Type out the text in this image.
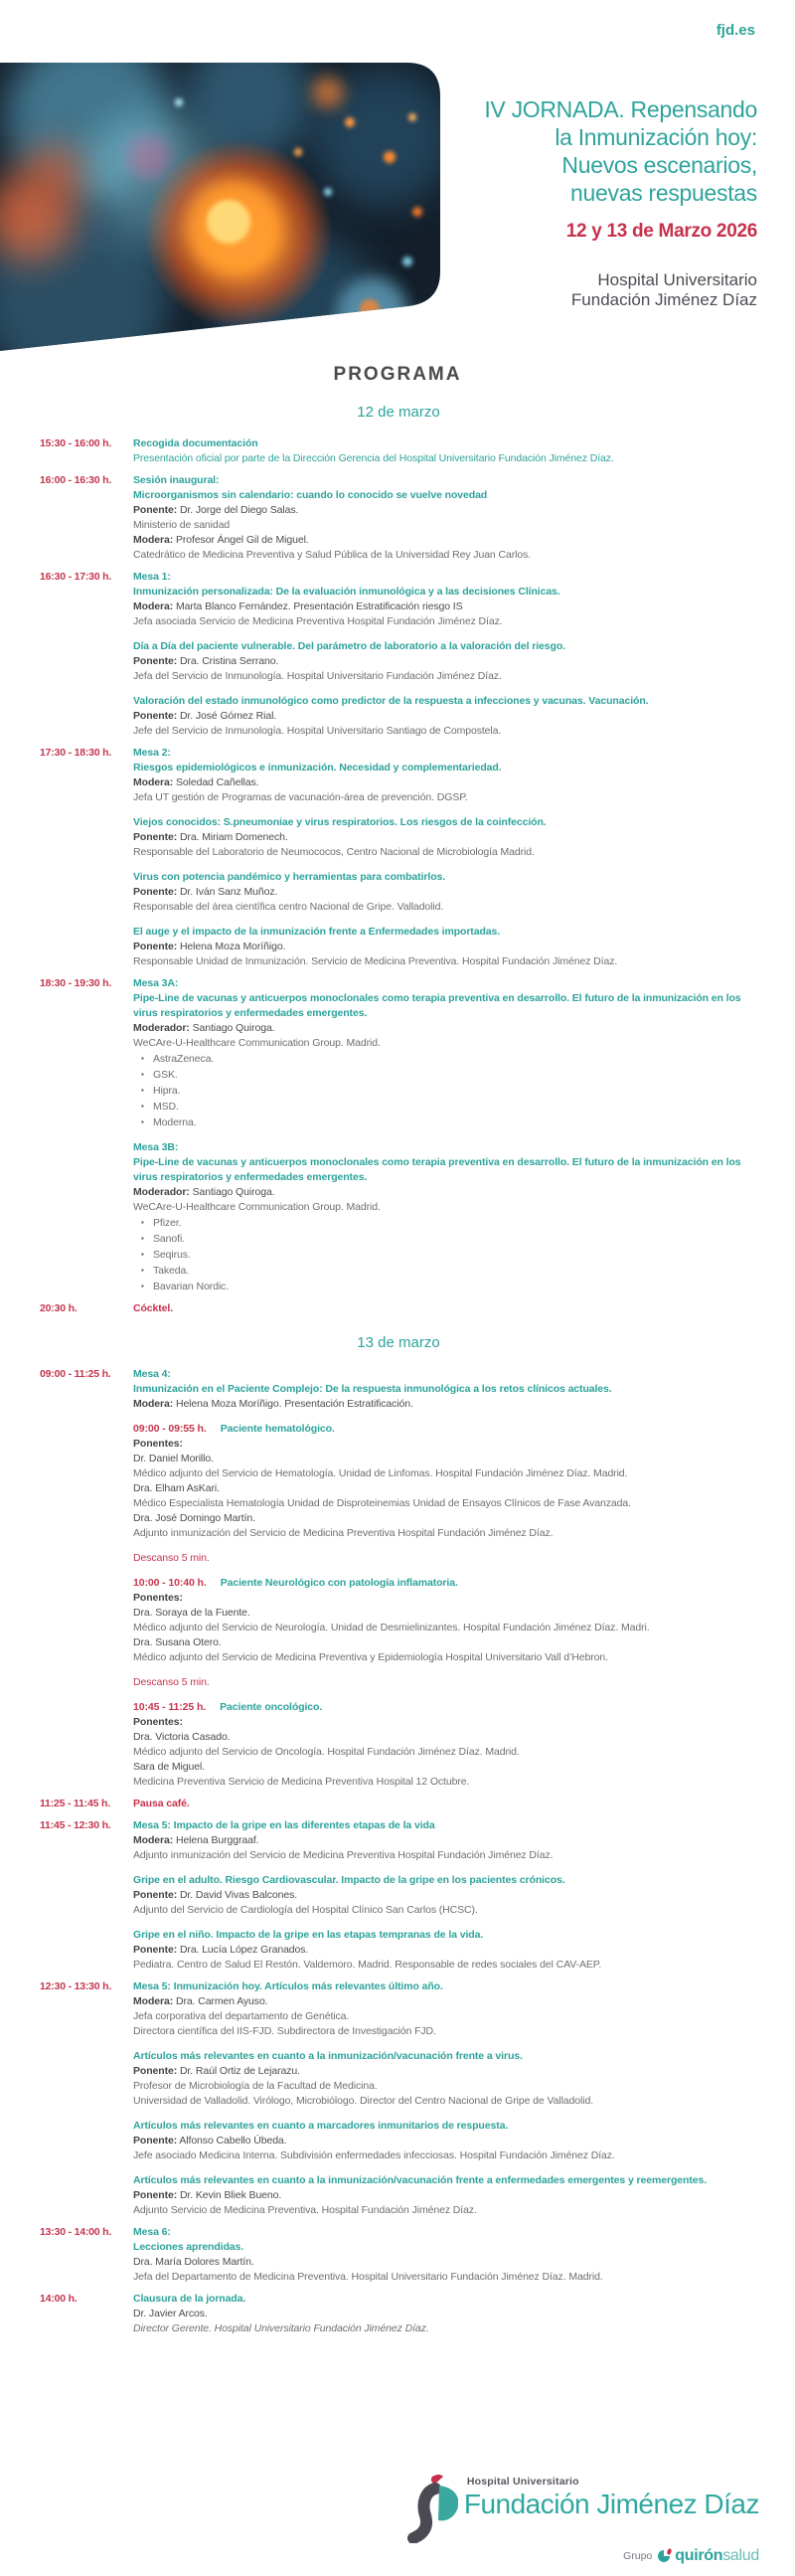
fjd.es
IV JORNADA. Repensando
la Inmunización hoy:
Nuevos escenarios,
nuevas respuestas
12 y 13 de Marzo 2026
Hospital Universitario
Fundación Jiménez Díaz
PROGRAMA
12 de marzo
15:30 - 16:00 h.	Recogida documentación
Presentación oficial por parte de la Dirección Gerencia del Hospital Universitario Fundación Jiménez Díaz.
16:00 - 16:30 h.	Sesión inaugural:
Microorganismos sin calendario: cuando lo conocido se vuelve novedad
Ponente: Dr. Jorge del Diego Salas.
Ministerio de sanidad
Modera: Profesor Ángel Gil de Miguel.
Catedrático de Medicina Preventiva y Salud Pública de la Universidad Rey Juan Carlos.
16:30 - 17:30 h.	Mesa 1:
Inmunización personalizada: De la evaluación inmunológica y a las decisiones Clínicas.
Modera: Marta Blanco Fernández. Presentación Estratificación riesgo IS
Jefa asociada Servicio de Medicina Preventiva Hospital Fundación Jiménez Díaz.
Día a Día del paciente vulnerable. Del parámetro de laboratorio a la valoración del riesgo.
Ponente: Dra. Cristina Serrano.
Jefa del Servicio de Inmunología. Hospital Universitario Fundación Jiménez Díaz.
Valoración del estado inmunológico como predictor de la respuesta a infecciones y vacunas. Vacunación.
Ponente: Dr. José Gómez Rial.
Jefe del Servicio de Inmunología. Hospital Universitario Santiago de Compostela.
17:30 - 18:30 h.	Mesa 2:
Riesgos epidemiológicos e inmunización. Necesidad y complementariedad.
Modera: Soledad Cañellas.
Jefa UT gestión de Programas de vacunación-área de prevención. DGSP.
Viejos conocidos: S.pneumoniae y virus respiratorios. Los riesgos de la coinfección.
Ponente: Dra. Miriam Domenech.
Responsable del Laboratorio de Neumococos, Centro Nacional de Microbiología Madrid.
Virus con potencia pandémico y herramientas para combatirlos.
Ponente: Dr. Iván Sanz Muñoz.
Responsable del área científica centro Nacional de Gripe. Valladolid.
El auge y el impacto de la inmunización frente a Enfermedades importadas.
Ponente: Helena Moza Moríñigo.
Responsable Unidad de Inmunización. Servicio de Medicina Preventiva. Hospital Fundación Jiménez Díaz.
18:30 - 19:30 h.	Mesa 3A:
Pipe-Line de vacunas y anticuerpos monoclonales como terapia preventiva en desarrollo. El futuro de la inmunización en los virus respiratorios y enfermedades emergentes.
Moderador: Santiago Quiroga.
WeCAre-U-Healthcare Communication Group. Madrid.
▪ AstraZeneca.
▪ GSK.
▪ Hipra.
▪ MSD.
▪ Moderna.
Mesa 3B:
Pipe-Line de vacunas y anticuerpos monoclonales como terapia preventiva en desarrollo. El futuro de la inmunización en los virus respiratorios y enfermedades emergentes.
Moderador: Santiago Quiroga.
WeCAre-U-Healthcare Communication Group. Madrid.
▪ Pfizer.
▪ Sanofi.
▪ Seqirus.
▪ Takeda.
▪ Bavarian Nordic.
20:30 h.	Cócktel.
13 de marzo
09:00 - 11:25 h.	Mesa 4:
Inmunización en el Paciente Complejo: De la respuesta inmunológica a los retos clínicos actuales.
Modera: Helena Moza Moríñigo. Presentación Estratificación.
09:00 - 09:55 h. Paciente hematológico.
Ponentes:
Dr. Daniel Morillo.
Médico adjunto del Servicio de Hematología. Unidad de Linfomas. Hospital Fundación Jiménez Díaz. Madrid.
Dra. Elham AsKari.
Médico Especialista Hematología Unidad de Disproteinemias Unidad de Ensayos Clínicos de Fase Avanzada.
Dra. José Domingo Martín.
Adjunto inmunización del Servicio de Medicina Preventiva Hospital Fundación Jiménez Díaz.
Descanso 5 min.
10:00 - 10:40 h. Paciente Neurológico con patología inflamatoria.
Ponentes:
Dra. Soraya de la Fuente.
Médico adjunto del Servicio de Neurología. Unidad de Desmielinizantes. Hospital Fundación Jiménez Díaz. Madri.
Dra. Susana Otero.
Médico adjunto del Servicio de Medicina Preventiva y Epidemiología Hospital Universitario Vall d’Hebron.
Descanso 5 min.
10:45 - 11:25 h. Paciente oncológico.
Ponentes:
Dra. Victoria Casado.
Médico adjunto del Servicio de Oncología. Hospital Fundación Jiménez Díaz. Madrid.
Sara de Miguel.
Medicina Preventiva Servicio de Medicina Preventiva Hospital 12 Octubre.
11:25 - 11:45 h.	Pausa café.
11:45 - 12:30 h.	Mesa 5: Impacto de la gripe en las diferentes etapas de la vida
Modera: Helena Burggraaf.
Adjunto inmunización del Servicio de Medicina Preventiva Hospital Fundación Jiménez Díaz.
Gripe en el adulto. Riesgo Cardiovascular. Impacto de la gripe en los pacientes crónicos.
Ponente: Dr. David Vivas Balcones.
Adjunto del Servicio de Cardiología del Hospital Clínico San Carlos (HCSC).
Gripe en el niño. Impacto de la gripe en las etapas tempranas de la vida.
Ponente: Dra. Lucía López Granados.
Pediatra. Centro de Salud El Restón. Valdemoro. Madrid. Responsable de redes sociales del CAV-AEP.
12:30 - 13:30 h.	Mesa 5: Inmunización hoy. Artículos más relevantes último año.
Modera: Dra. Carmen Ayuso.
Jefa corporativa del departamento de Genética.
Directora científica del IIS-FJD. Subdirectora de Investigación FJD.
Artículos más relevantes en cuanto a la inmunización/vacunación frente a virus.
Ponente: Dr. Raúl Ortiz de Lejarazu.
Profesor de Microbiología de la Facultad de Medicina.
Universidad de Valladolid. Virólogo, Microbiólogo. Director del Centro Nacional de Gripe de Valladolid.
Artículos más relevantes en cuanto a marcadores inmunitarios de respuesta.
Ponente: Alfonso Cabello Úbeda.
Jefe asociado Medicina Interna. Subdivisión enfermedades infecciosas. Hospital Fundación Jiménez Díaz.
Artículos más relevantes en cuanto a la inmunización/vacunación frente a enfermedades emergentes y reemergentes.
Ponente: Dr. Kevin Bliek Bueno.
Adjunto Servicio de Medicina Preventiva. Hospital Fundación Jiménez Díaz.
13:30 - 14:00 h.	Mesa 6:
Lecciones aprendidas.
Dra. María Dolores Martín.
Jefa del Departamento de Medicina Preventiva. Hospital Universitario Fundación Jiménez Díaz. Madrid.
14:00 h.	Clausura de la jornada.
Dr. Javier Arcos.
Director Gerente. Hospital Universitario Fundación Jiménez Díaz.
Hospital Universitario
Fundación Jiménez Díaz
Grupo quirón salud
